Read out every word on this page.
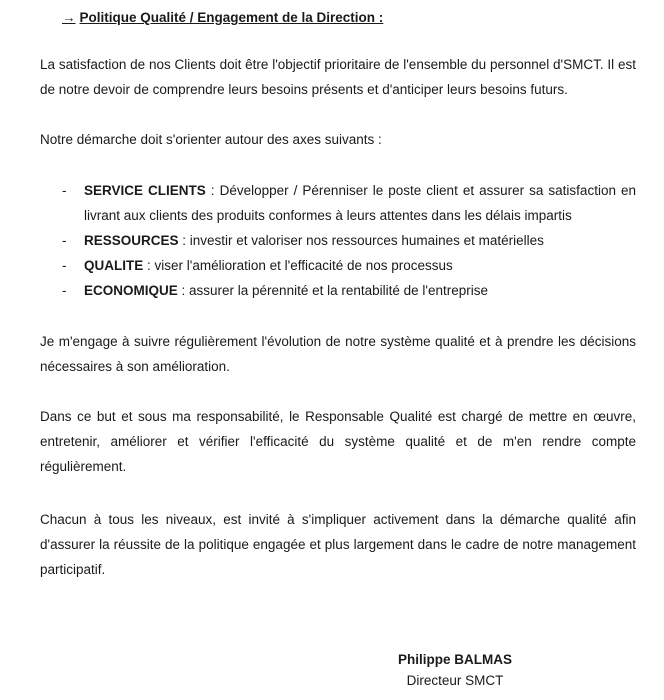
→ Politique Qualité / Engagement de la Direction :

La satisfaction de nos Clients doit être l'objectif prioritaire de l'ensemble du personnel d'SMCT. Il est de notre devoir de comprendre leurs besoins présents et d'anticiper leurs besoins futurs.

Notre démarche doit s'orienter autour des axes suivants :

- SERVICE CLIENTS : Développer / Pérenniser le poste client et assurer sa satisfaction en livrant aux clients des produits conformes à leurs attentes dans les délais impartis
- RESSOURCES : investir et valoriser nos ressources humaines et matérielles
- QUALITE : viser l'amélioration et l'efficacité de nos processus
- ECONOMIQUE : assurer la pérennité et la rentabilité de l'entreprise

Je m'engage à suivre régulièrement l'évolution de notre système qualité et à prendre les décisions nécessaires à son amélioration.

Dans ce but et sous ma responsabilité, le Responsable Qualité est chargé de mettre en œuvre, entretenir, améliorer et vérifier l'efficacité du système qualité et de m'en rendre compte régulièrement.

Chacun à tous les niveaux, est invité à s'impliquer activement dans la démarche qualité afin d'assurer la réussite de la politique engagée et plus largement dans le cadre de notre management participatif.

Philippe BALMAS
Directeur SMCT
